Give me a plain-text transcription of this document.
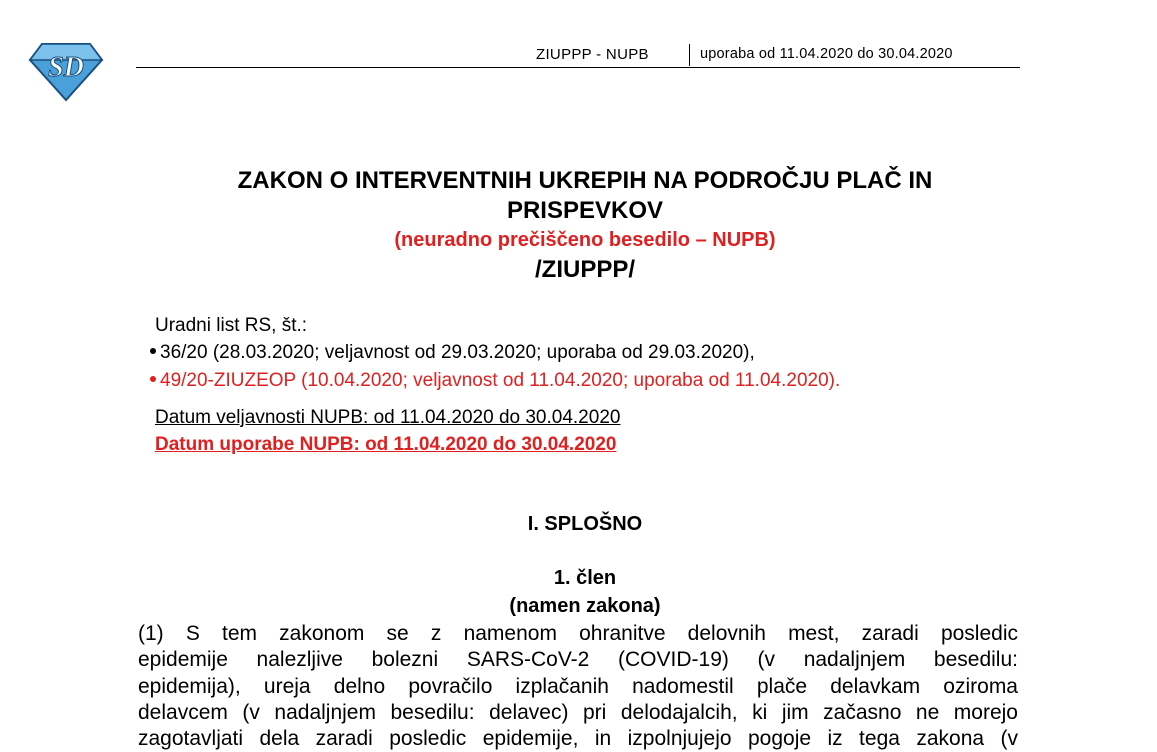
SD	ZIUPPP - NUPB	uporaba od 11.04.2020 do 30.04.2020
ZAKON O INTERVENTNIH UKREPIH NA PODROČJU PLAČ IN
PRISPEVKOV
(neuradno prečiščeno besedilo – NUPB)
/ZIUPPP/
Uradni list RS, št.:
36/20 (28.03.2020; veljavnost od 29.03.2020; uporaba od 29.03.2020),
49/20-ZIUZEOP (10.04.2020; veljavnost od 11.04.2020; uporaba od 11.04.2020).
Datum veljavnosti NUPB: od 11.04.2020 do 30.04.2020
Datum uporabe NUPB: od 11.04.2020 do 30.04.2020
I. SPLOŠNO
1. člen
(namen zakona)
(1) S tem zakonom se z namenom ohranitve delovnih mest, zaradi posledic
epidemije nalezljive bolezni SARS-CoV-2 (COVID-19) (v nadaljnjem besedilu:
epidemija), ureja delno povračilo izplačanih nadomestil plače delavkam oziroma
delavcem (v nadaljnjem besedilu: delavec) pri delodajalcih, ki jim začasno ne morejo
zagotavljati dela zaradi posledic epidemije, in izpolnjujejo pogoje iz tega zakona (v
